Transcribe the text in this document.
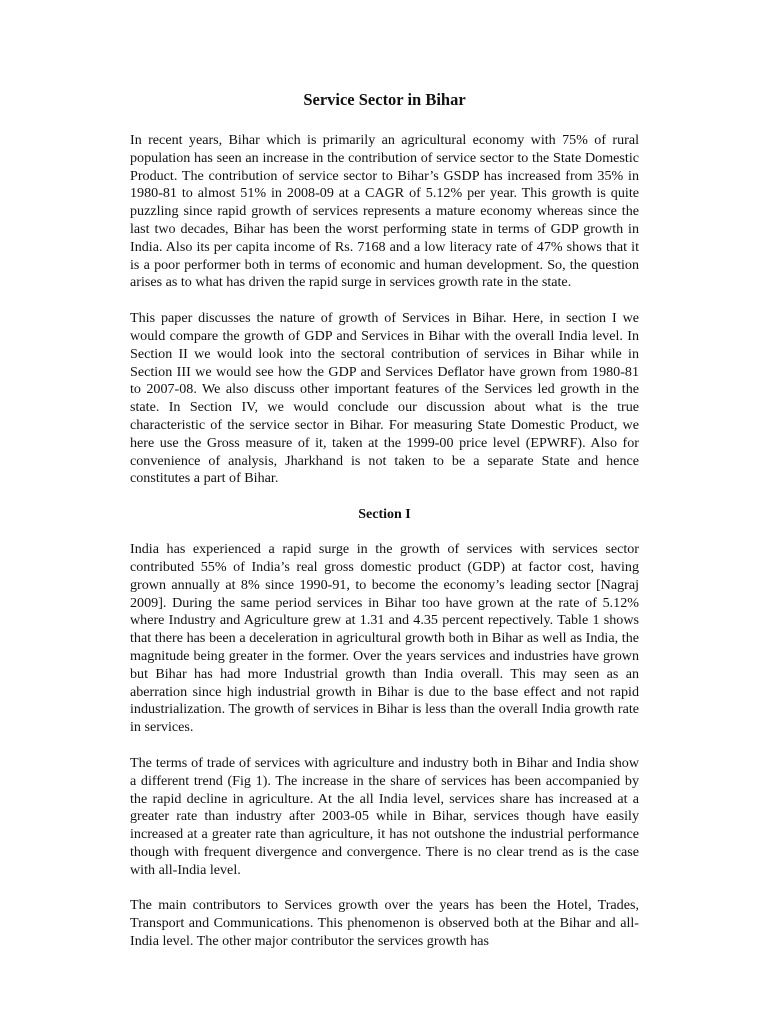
Service Sector in Bihar

In recent years, Bihar which is primarily an agricultural economy with 75% of rural population has seen an increase in the contribution of service sector to the State Domestic Product. The contribution of service sector to Bihar’s GSDP has increased from 35% in 1980-81 to almost 51% in 2008-09 at a CAGR of 5.12% per year. This growth is quite puzzling since rapid growth of services represents a mature economy whereas since the last two decades, Bihar has been the worst performing state in terms of GDP growth in India. Also its per capita income of Rs. 7168 and a low literacy rate of 47% shows that it is a poor performer both in terms of economic and human development. So, the question arises as to what has driven the rapid surge in services growth rate in the state.

This paper discusses the nature of growth of Services in Bihar. Here, in section I we would compare the growth of GDP and Services in Bihar with the overall India level. In Section II we would look into the sectoral contribution of services in Bihar while in Section III we would see how the GDP and Services Deflator have grown from 1980-81 to 2007-08. We also discuss other important features of the Services led growth in the state. In Section IV, we would conclude our discussion about what is the true characteristic of the service sector in Bihar. For measuring State Domestic Product, we here use the Gross measure of it, taken at the 1999-00 price level (EPWRF). Also for convenience of analysis, Jharkhand is not taken to be a separate State and hence constitutes a part of Bihar.

Section I

India has experienced a rapid surge in the growth of services with services sector contributed 55% of India’s real gross domestic product (GDP) at factor cost, having grown annually at 8% since 1990-91, to become the economy’s leading sector [Nagraj 2009]. During the same period services in Bihar too have grown at the rate of 5.12% where Industry and Agriculture grew at 1.31 and 4.35 percent repectively. Table 1 shows that there has been a deceleration in agricultural growth both in Bihar as well as India, the magnitude being greater in the former. Over the years services and industries have grown but Bihar has had more Industrial growth than India overall. This may seen as an aberration since high industrial growth in Bihar is due to the base effect and not rapid industrialization. The growth of services in Bihar is less than the overall India growth rate in services.

The terms of trade of services with agriculture and industry both in Bihar and India show a different trend (Fig 1). The increase in the share of services has been accompanied by the rapid decline in agriculture. At the all India level, services share has increased at a greater rate than industry after 2003-05 while in Bihar, services though have easily increased at a greater rate than agriculture, it has not outshone the industrial performance though with frequent divergence and convergence. There is no clear trend as is the case with all-India level.

The main contributors to Services growth over the years has been the Hotel, Trades, Transport and Communications. This phenomenon is observed both at the Bihar and all-India level. The other major contributor the services growth has
